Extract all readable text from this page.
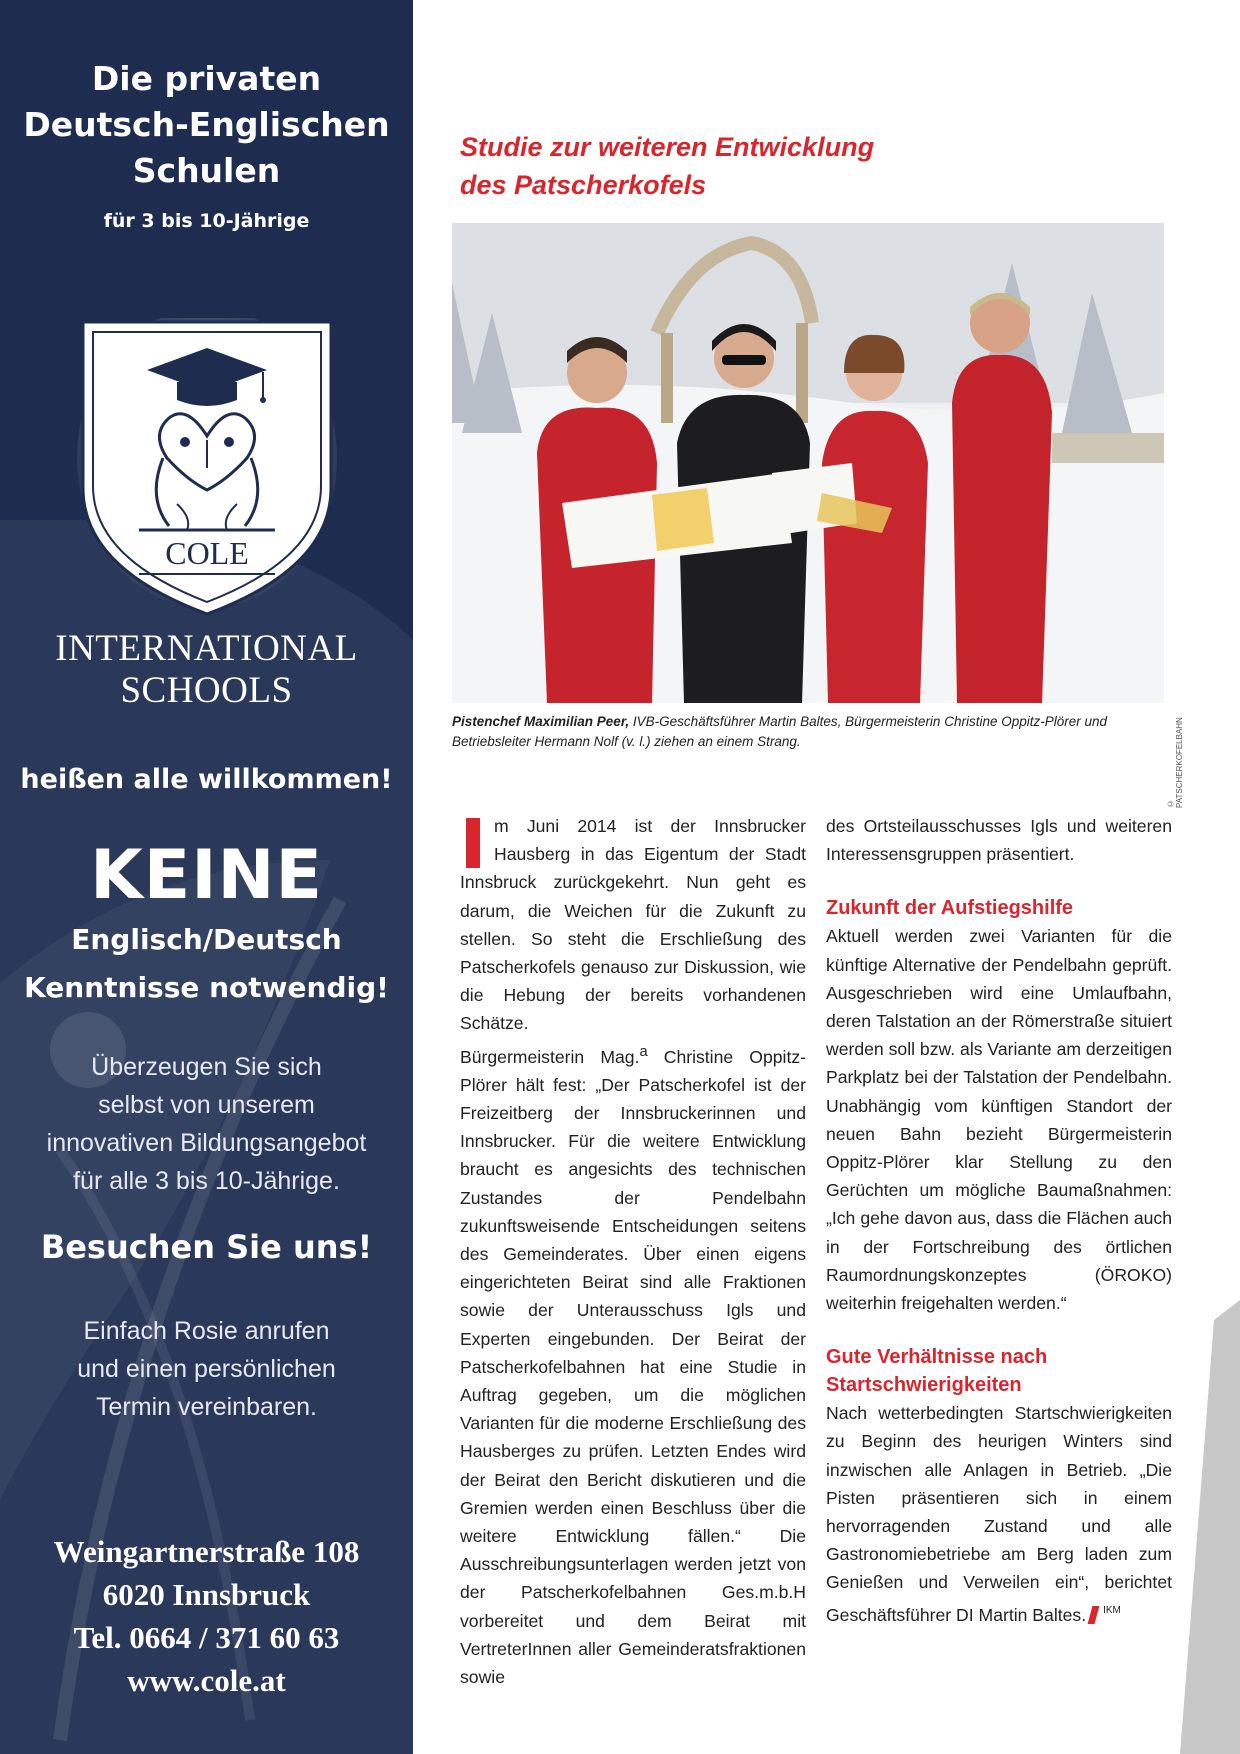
Die privaten
Deutsch-Englischen
Schulen
für 3 bis 10-Jährige
COLE
INTERNATIONAL
SCHOOLS
heißen alle willkommen!
KEINE
Englisch/Deutsch
Kenntnisse notwendig!
Überzeugen Sie sich
selbst von unserem
innovativen Bildungsangebot
für alle 3 bis 10-Jährige.
Besuchen Sie uns!
Einfach Rosie anrufen
und einen persönlichen
Termin vereinbaren.
Weingartnerstraße 108
6020 Innsbruck
Tel. 0664 / 371 60 63
www.cole.at
Studie zur weiteren Entwicklung
des Patscherkofels
© PATSCHERKOFELBAHN

Pistenchef Maximilian Peer, IVB-Geschäftsführer Martin Baltes, Bürgermeisterin Christine Oppitz-Plörer und Betriebsleiter Hermann Nolf (v. l.) ziehen an einem Strang.

m Juni 2014 ist der Innsbrucker Hausberg in das Eigentum der Stadt Innsbruck zurückgekehrt. Nun geht es darum, die Weichen für die Zukunft zu stellen. So steht die Erschließung des Patscherkofels genauso zur Diskussion, wie die Hebung der bereits vorhandenen Schätze.

Bürgermeisterin Mag.$^a$ Christine Oppitz-Plörer hält fest: „Der Patscherkofel ist der Freizeitberg der Innsbruckerinnen und Innsbrucker. Für die weitere Entwicklung braucht es angesichts des technischen Zustandes der Pendelbahn zukunftsweisende Entscheidungen seitens des Gemeinderates. Über einen eigens eingerichteten Beirat sind alle Fraktionen sowie der Unterausschuss Igls und Experten eingebunden. Der Beirat der Patscherkofelbahnen hat eine Studie in Auftrag gegeben, um die möglichen Varianten für die moderne Erschließung des Hausberges zu prüfen. Letzten Endes wird der Beirat den Bericht diskutieren und die Gremien werden einen Beschluss über die weitere Entwicklung fällen.“ Die Ausschreibungsunterlagen werden jetzt von der Patscherkofelbahnen Ges.m.b.H vorbereitet und dem Beirat mit VertreterInnen aller Gemeinderatsfraktionen sowie

des Ortsteilausschusses Igls und weiteren Interessensgruppen präsentiert.

Zukunft der Aufstiegshilfe

Aktuell werden zwei Varianten für die künftige Alternative der Pendelbahn geprüft. Ausgeschrieben wird eine Umlaufbahn, deren Talstation an der Römerstraße situiert werden soll bzw. als Variante am derzeitigen Parkplatz bei der Talstation der Pendelbahn. Unabhängig vom künftigen Standort der neuen Bahn bezieht Bürgermeisterin Oppitz-Plörer klar Stellung zu den Gerüchten um mögliche Baumaßnahmen: „Ich gehe davon aus, dass die Flächen auch in der Fortschreibung des örtlichen Raumordnungskonzeptes (ÖROKO) weiterhin freigehalten werden.“

Gute Verhältnisse nach
Startschwierigkeiten

Nach wetterbedingten Startschwierigkeiten zu Beginn des heurigen Winters sind inzwischen alle Anlagen in Betrieb. „Die Pisten präsentieren sich in einem hervorragenden Zustand und alle Gastronomiebetriebe am Berg laden zum Genießen und Verweilen ein“, berichtet Geschäftsführer DI Martin Baltes. $^{IKM}$
